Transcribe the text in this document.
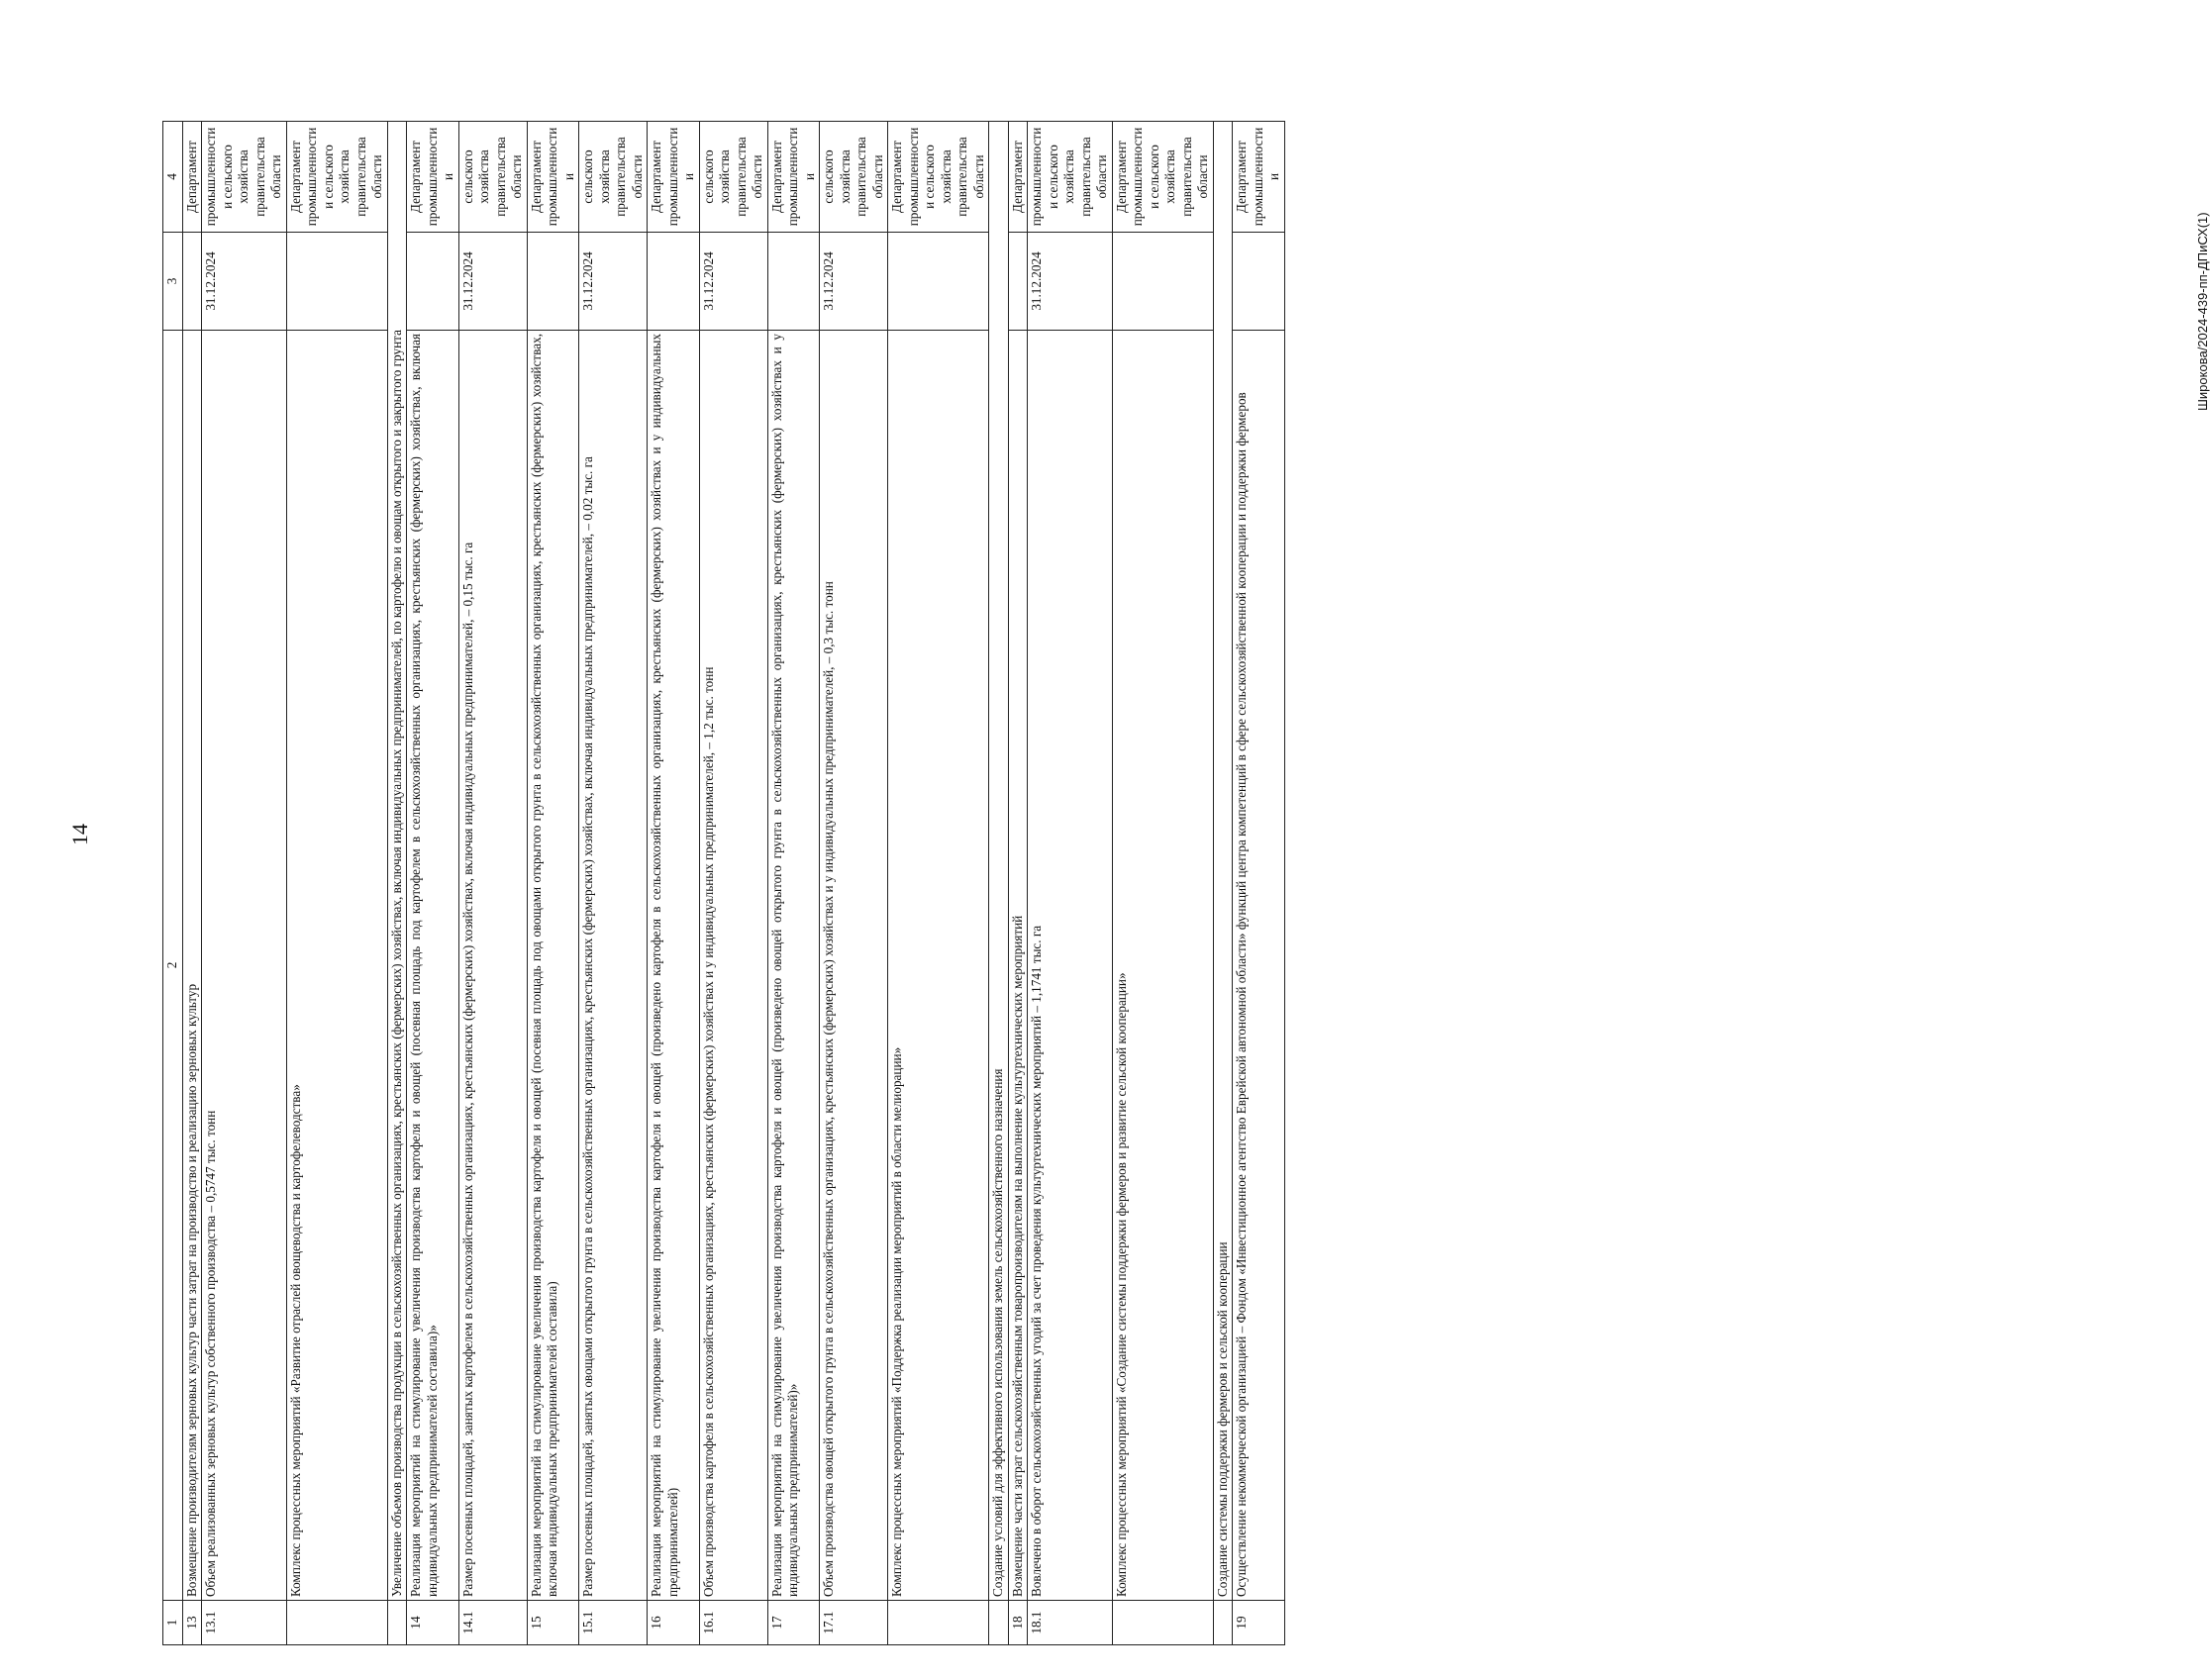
14
Широкова/2024-439-пп-ДПиСХ(1)
1	2	3	4
13	Возмещение производителям зерновых культур части затрат на производство и реализацию зерновых культур		Департамент
13.1	Объем реализованных зерновых культур собственного производства – 0,5747 тыс. тонн	31.12.2024	промышленности и сельского хозяйства правительства области
	Комплекс процессных мероприятий «Развитие отраслей овощеводства и картофелеводства»		Департамент промышленности и сельского хозяйства правительства области
	Увеличение объемов производства продукции в сельскохозяйственных организациях, крестьянских (фермерских) хозяйствах, включая индивидуальных предпринимателей, по картофелю и овощам открытого и закрытого грунта		
14	Реализация мероприятий на стимулирование увеличения производства картофеля и овощей (посевная площадь под картофелем в сельскохозяйственных организациях, крестьянских (фермерских) хозяйствах, включая индивидуальных предпринимателей составила)»		Департамент промышленности и
14.1	Размер посевных площадей, занятых картофелем в сельскохозяйственных организациях, крестьянских (фермерских) хозяйствах, включая индивидуальных предпринимателей, – 0,15 тыс. га	31.12.2024	сельского хозяйства правительства области
15	Реализация мероприятий на стимулирование увеличения производства картофеля и овощей (посевная площадь под овощами открытого грунта в сельскохозяйственных организациях, крестьянских (фермерских) хозяйствах, включая индивидуальных предпринимателей составила)		Департамент промышленности и
15.1	Размер посевных площадей, занятых овощами открытого грунта в сельскохозяйственных организациях, крестьянских (фермерских) хозяйствах, включая индивидуальных предпринимателей, – 0,02 тыс. га	31.12.2024	сельского хозяйства правительства области
16	Реализация мероприятий на стимулирование увеличения производства картофеля и овощей (произведено картофеля в сельскохозяйственных организациях, крестьянских (фермерских) хозяйствах и у индивидуальных предпринимателей)		Департамент промышленности и
16.1	Объем производства картофеля в сельскохозяйственных организациях, крестьянских (фермерских) хозяйствах и у индивидуальных предпринимателей, – 1,2 тыс. тонн	31.12.2024	сельского хозяйства правительства области
17	Реализация мероприятий на стимулирование увеличения производства картофеля и овощей (произведено овощей открытого грунта в сельскохозяйственных организациях, крестьянских (фермерских) хозяйствах и у индивидуальных предпринимателей)»		Департамент промышленности и
17.1	Объем производства овощей открытого грунта в сельскохозяйственных организациях, крестьянских (фермерских) хозяйствах и у индивидуальных предпринимателей, – 0,3 тыс. тонн	31.12.2024	сельского хозяйства правительства области
	Комплекс процессных мероприятий «Поддержка реализации мероприятий в области мелиорации»		Департамент промышленности и сельского хозяйства правительства области
	Создание условий для эффективного использования земель сельскохозяйственного назначения		
18	Возмещение части затрат сельскохозяйственным товаропроизводителям на выполнение культуртехнических мероприятий		Департамент
18.1	Вовлечено в оборот сельскохозяйственных угодий за счет проведения культуртехнических мероприятий – 1,1741 тыс. га	31.12.2024	промышленности и сельского хозяйства правительства области
	Комплекс процессных мероприятий «Создание системы поддержки фермеров и развитие сельской кооперации»		Департамент промышленности и сельского хозяйства правительства области
	Создание системы поддержки фермеров и сельской кооперации		
19	Осуществление некоммерческой организацией – Фондом «Инвестиционное агентство Еврейской автономной области» функций центра компетенций в сфере сельскохозяйственной кооперации и поддержки фермеров		Департамент промышленности и
